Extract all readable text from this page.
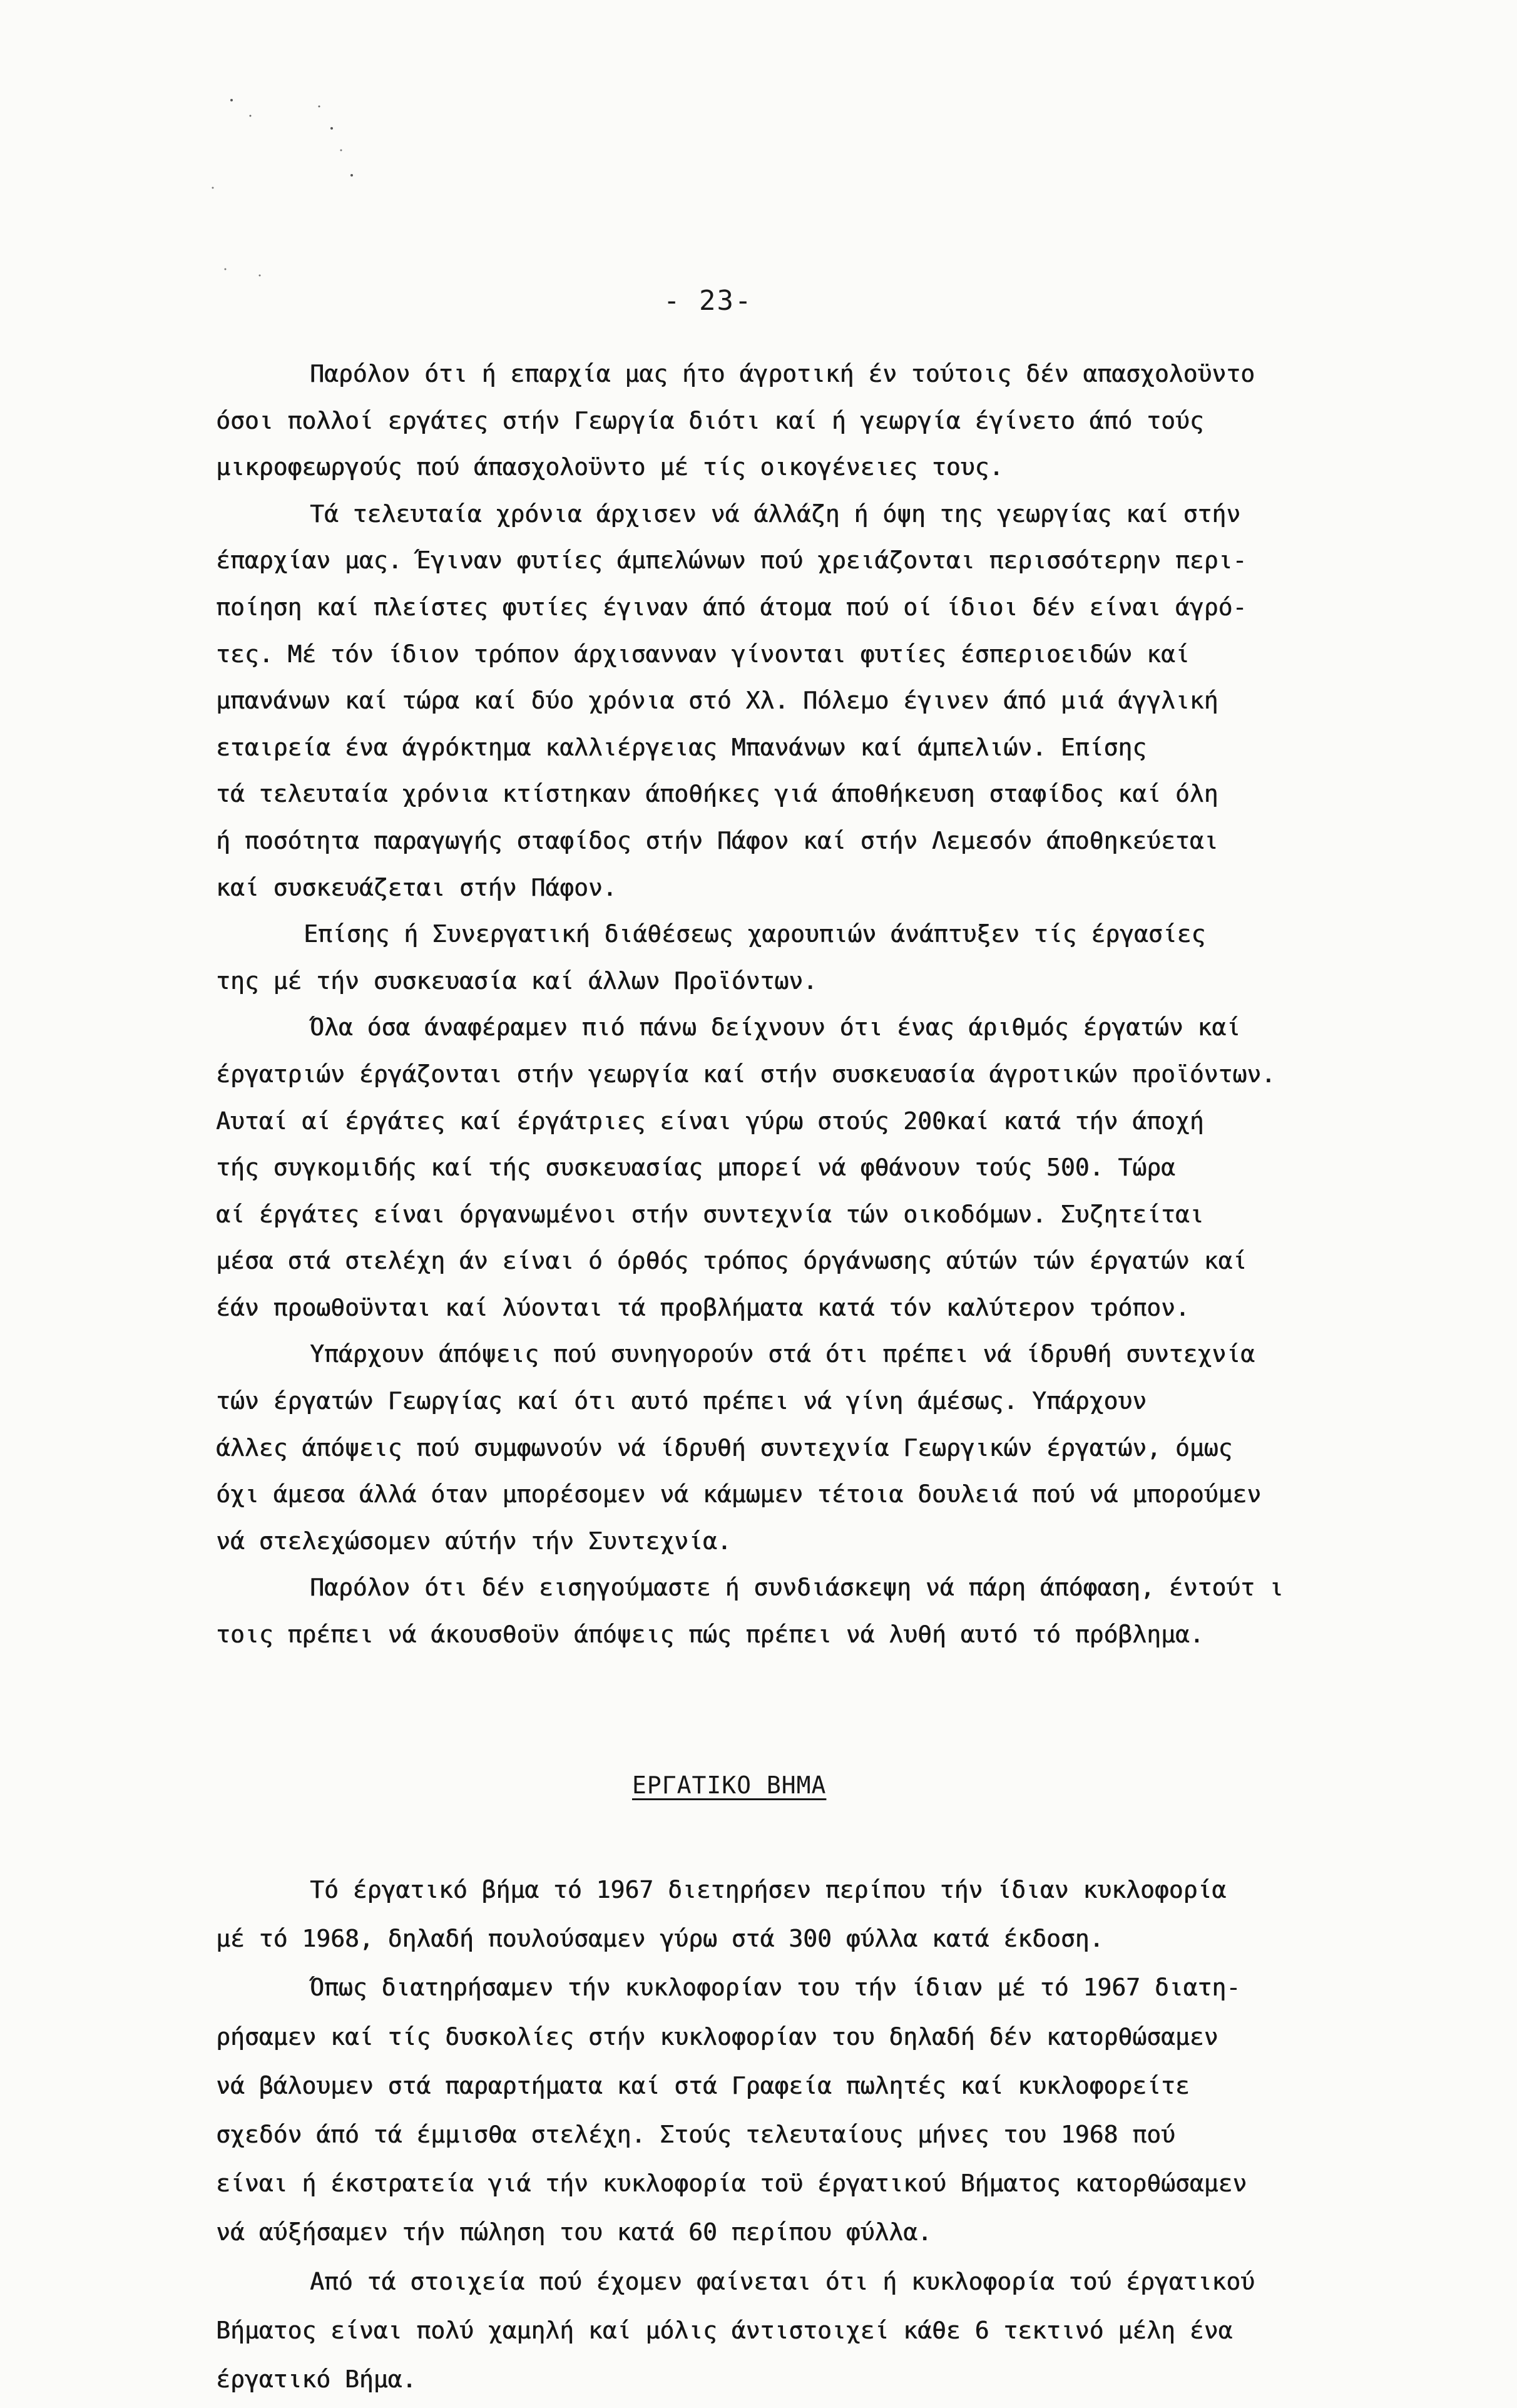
- 23-
Παρόλον ότι ή επαρχία μας ήτο άγροτική έν τούτοις δέν απασχολοϋντο
όσοι πολλοί εργάτες στήν Γεωργία διότι καί ή γεωργία έγίνετο άπό τούς
μικροφεωργούς πού άπασχολοϋντο μέ τίς οικογένειες τους.
Τά τελευταία χρόνια άρχισεν νά άλλάζη ή όψη της γεωργίας καί στήν
έπαρχίαν μας. Έγιναν φυτίες άμπελώνων πού χρειάζονται περισσότερην περι-
ποίηση καί πλείστες φυτίες έγιναν άπό άτομα πού οί ίδιοι δέν είναι άγρό-
τες. Μέ τόν ίδιον τρόπον άρχισανναν γίνονται φυτίες έσπεριοειδών καί
μπανάνων καί τώρα καί δύο χρόνια στό Χλ. Πόλεμο έγινεν άπό μιά άγγλική
εταιρεία ένα άγρόκτημα καλλιέργειας Μπανάνων καί άμπελιών. Επίσης
τά τελευταία χρόνια κτίστηκαν άποθήκες γιά άποθήκευση σταφίδος καί όλη
ή ποσότητα παραγωγής σταφίδος στήν Πάφον καί στήν Λεμεσόν άποθηκεύεται
καί συσκευάζεται στήν Πάφον.
Επίσης ή Συνεργατική διάθέσεως χαρουπιών άνάπτυξεν τίς έργασίες
της μέ τήν συσκευασία καί άλλων Προϊόντων.
Όλα όσα άναφέραμεν πιό πάνω δείχνουν ότι ένας άριθμός έργατών καί
έργατριών έργάζονται στήν γεωργία καί στήν συσκευασία άγροτικών προϊόντων.
Αυταί αί έργάτες καί έργάτριες είναι γύρω στούς 200καί κατά τήν άποχή
τής συγκομιδής καί τής συσκευασίας μπορεί νά φθάνουν τούς 500. Τώρα
αί έργάτες είναι όργανωμένοι στήν συντεχνία τών οικοδόμων. Συζητείται
μέσα στά στελέχη άν είναι ό όρθός τρόπος όργάνωσης αύτών τών έργατών καί
έάν προωθοϋνται καί λύονται τά προβλήματα κατά τόν καλύτερον τρόπον.
Υπάρχουν άπόψεις πού συνηγορούν στά ότι πρέπει νά ίδρυθή συντεχνία
τών έργατών Γεωργίας καί ότι αυτό πρέπει νά γίνη άμέσως. Υπάρχουν
άλλες άπόψεις πού συμφωνούν νά ίδρυθή συντεχνία Γεωργικών έργατών, όμως
όχι άμεσα άλλά όταν μπορέσομεν νά κάμωμεν τέτοια δουλειά πού νά μπορούμεν
νά στελεχώσομεν αύτήν τήν Συντεχνία.
Παρόλον ότι δέν εισηγούμαστε ή συνδιάσκεψη νά πάρη άπόφαση, έντούτ ι
τοις πρέπει νά άκουσθοϋν άπόψεις πώς πρέπει νά λυθή αυτό τό πρόβλημα.
ΕΡΓΑΤΙΚΟ ΒΗΜΑ
Τό έργατικό βήμα τό 1967 διετηρήσεν περίπου τήν ίδιαν κυκλοφορία
μέ τό 1968, δηλαδή πουλούσαμεν γύρω στά 300 φύλλα κατά έκδοση.
Όπως διατηρήσαμεν τήν κυκλοφορίαν του τήν ίδιαν μέ τό 1967 διατη-
ρήσαμεν καί τίς δυσκολίες στήν κυκλοφορίαν του δηλαδή δέν κατορθώσαμεν
νά βάλουμεν στά παραρτήματα καί στά Γραφεία πωλητές καί κυκλοφορείτε
σχεδόν άπό τά έμμισθα στελέχη. Στούς τελευταίους μήνες του 1968 πού
είναι ή έκστρατεία γιά τήν κυκλοφορία τοϋ έργατικού Βήματος κατορθώσαμεν
νά αύξήσαμεν τήν πώληση του κατά 60 περίπου φύλλα.
Από τά στοιχεία πού έχομεν φαίνεται ότι ή κυκλοφορία τού έργατικού
Βήματος είναι πολύ χαμηλή καί μόλις άντιστοιχεί κάθε 6 τεκτινό μέλη ένα
έργατικό Βήμα.
